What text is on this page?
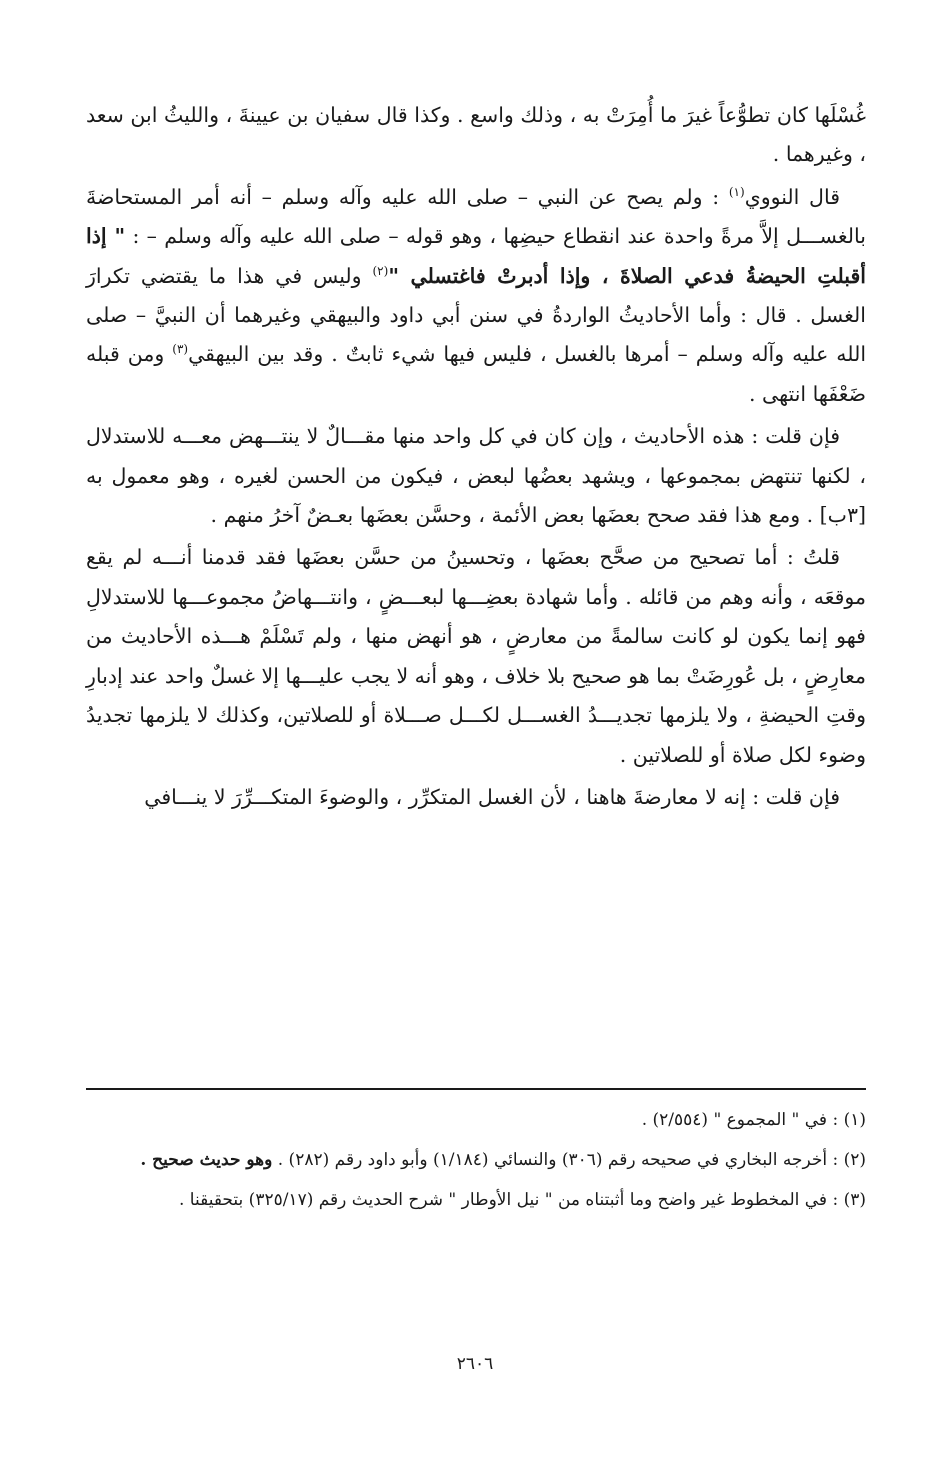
غُسْلَها كان تطوُّعاً غيرَ ما أُمِرَتْ به ، وذلك واسع . وكذا قال سفيان بن عيينةَ ، والليثُ ابن سعد ، وغيرهما .

قال النووي$^{(١)}$ : ولم يصح عن النبي – صلى الله عليه وآله وسلم – أنه أمر المستحاضةَ بالغســـل إلاَّ مرةً واحدة عند انقطاع حيضِها ، وهو قوله – صلى الله عليه وآله وسلم – : " إذا أقبلتِ الحيضةُ فدعي الصلاةَ ، وإذا أدبرتْ فاغتسلي "$^{(٢)}$ وليس في هذا ما يقتضي تكرارَ الغسل . قال : وأما الأحاديثُ الواردةُ في سنن أبي داود والبيهقي وغيرهما أن النبيَّ – صلى الله عليه وآله وسلم – أمرها بالغسل ، فليس فيها شيء ثابتٌ . وقد بين البيهقي$^{(٣)}$ ومن قبله ضَعْفَها انتهى .

فإن قلت : هذه الأحاديث ، وإن كان في كل واحد منها مقـــالٌ لا ينتـــهض معـــه للاستدلال ، لكنها تنتهض بمجموعها ، ويشهد بعضُها لبعض ، فيكون من الحسن لغيره ، وهو معمول به [٣ب] . ومع هذا فقد صحح بعضَها بعض الأئمة ، وحسَّن بعضَها بعـضٌ آخرُ منهم .

قلتُ : أما تصحيح من صحَّح بعضَها ، وتحسينُ من حسَّن بعضَها فقد قدمنا أنـــه لم يقع موقعَه ، وأنه وهم من قائله . وأما شهادة بعضِـــها لبعـــضٍ ، وانتـــهاضُ مجموعـــها للاستدلالِ فهو إنما يكون لو كانت سالمةً من معارضٍ ، هو أنهض منها ، ولم تَسْلَمْ هـــذه الأحاديث من معارِضٍ ، بل عُورِضَتْ بما هو صحيح بلا خلاف ، وهو أنه لا يجب عليـــها إلا غسلٌ واحد عند إدبارِ وقتِ الحيضةِ ، ولا يلزمها تجديـــدُ الغســـل لكـــل صـــلاة أو للصلاتين، وكذلك لا يلزمها تجديدُ وضوء لكل صلاة أو للصلاتين .

فإن قلت : إنه لا معارضةَ هاهنا ، لأن الغسل المتكرِّر ، والوضوءَ المتكـــرِّرَ لا ينـــافي

(١) : في " المجموع " (٢/٥٥٤) .

(٢) : أخرجه البخاري في صحيحه رقم (٣٠٦) والنسائي (١/١٨٤) وأبو داود رقم (٢٨٢) . وهو حديث صحيح .

(٣) : في المخطوط غير واضح وما أثبتناه من " نيل الأوطار " شرح الحديث رقم (٣٢٥/١٧) بتحقيقنا .

٢٦٠٦
